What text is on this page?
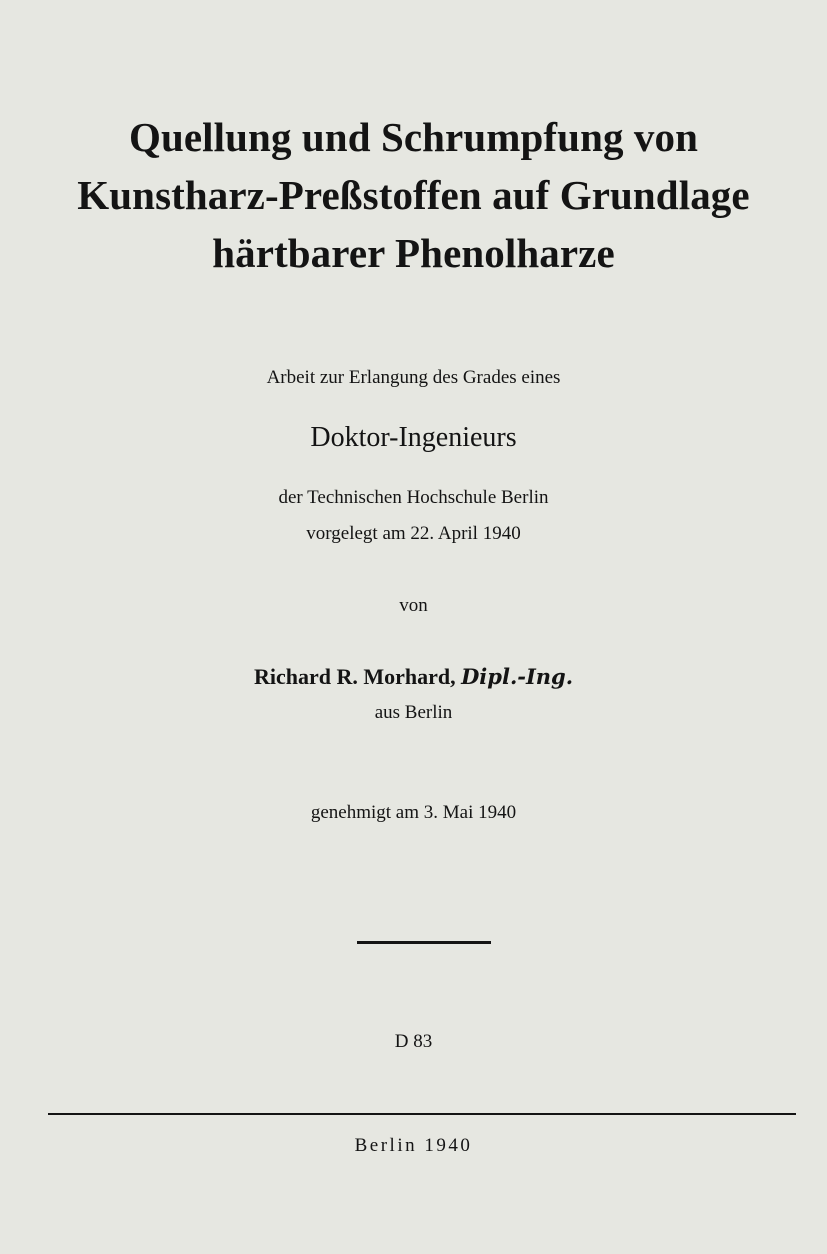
Quellung und Schrumpfung von
Kunstharz-Preßstoffen auf Grundlage
härtbarer Phenolharze
Arbeit zur Erlangung des Grades eines
Doktor-Ingenieurs
der Technischen Hochschule Berlin
vorgelegt am 22. April 1940
von
Richard R. Morhard, Dipl.-Ing.
aus Berlin
genehmigt am 3. Mai 1940
D 83
Berlin 1940
